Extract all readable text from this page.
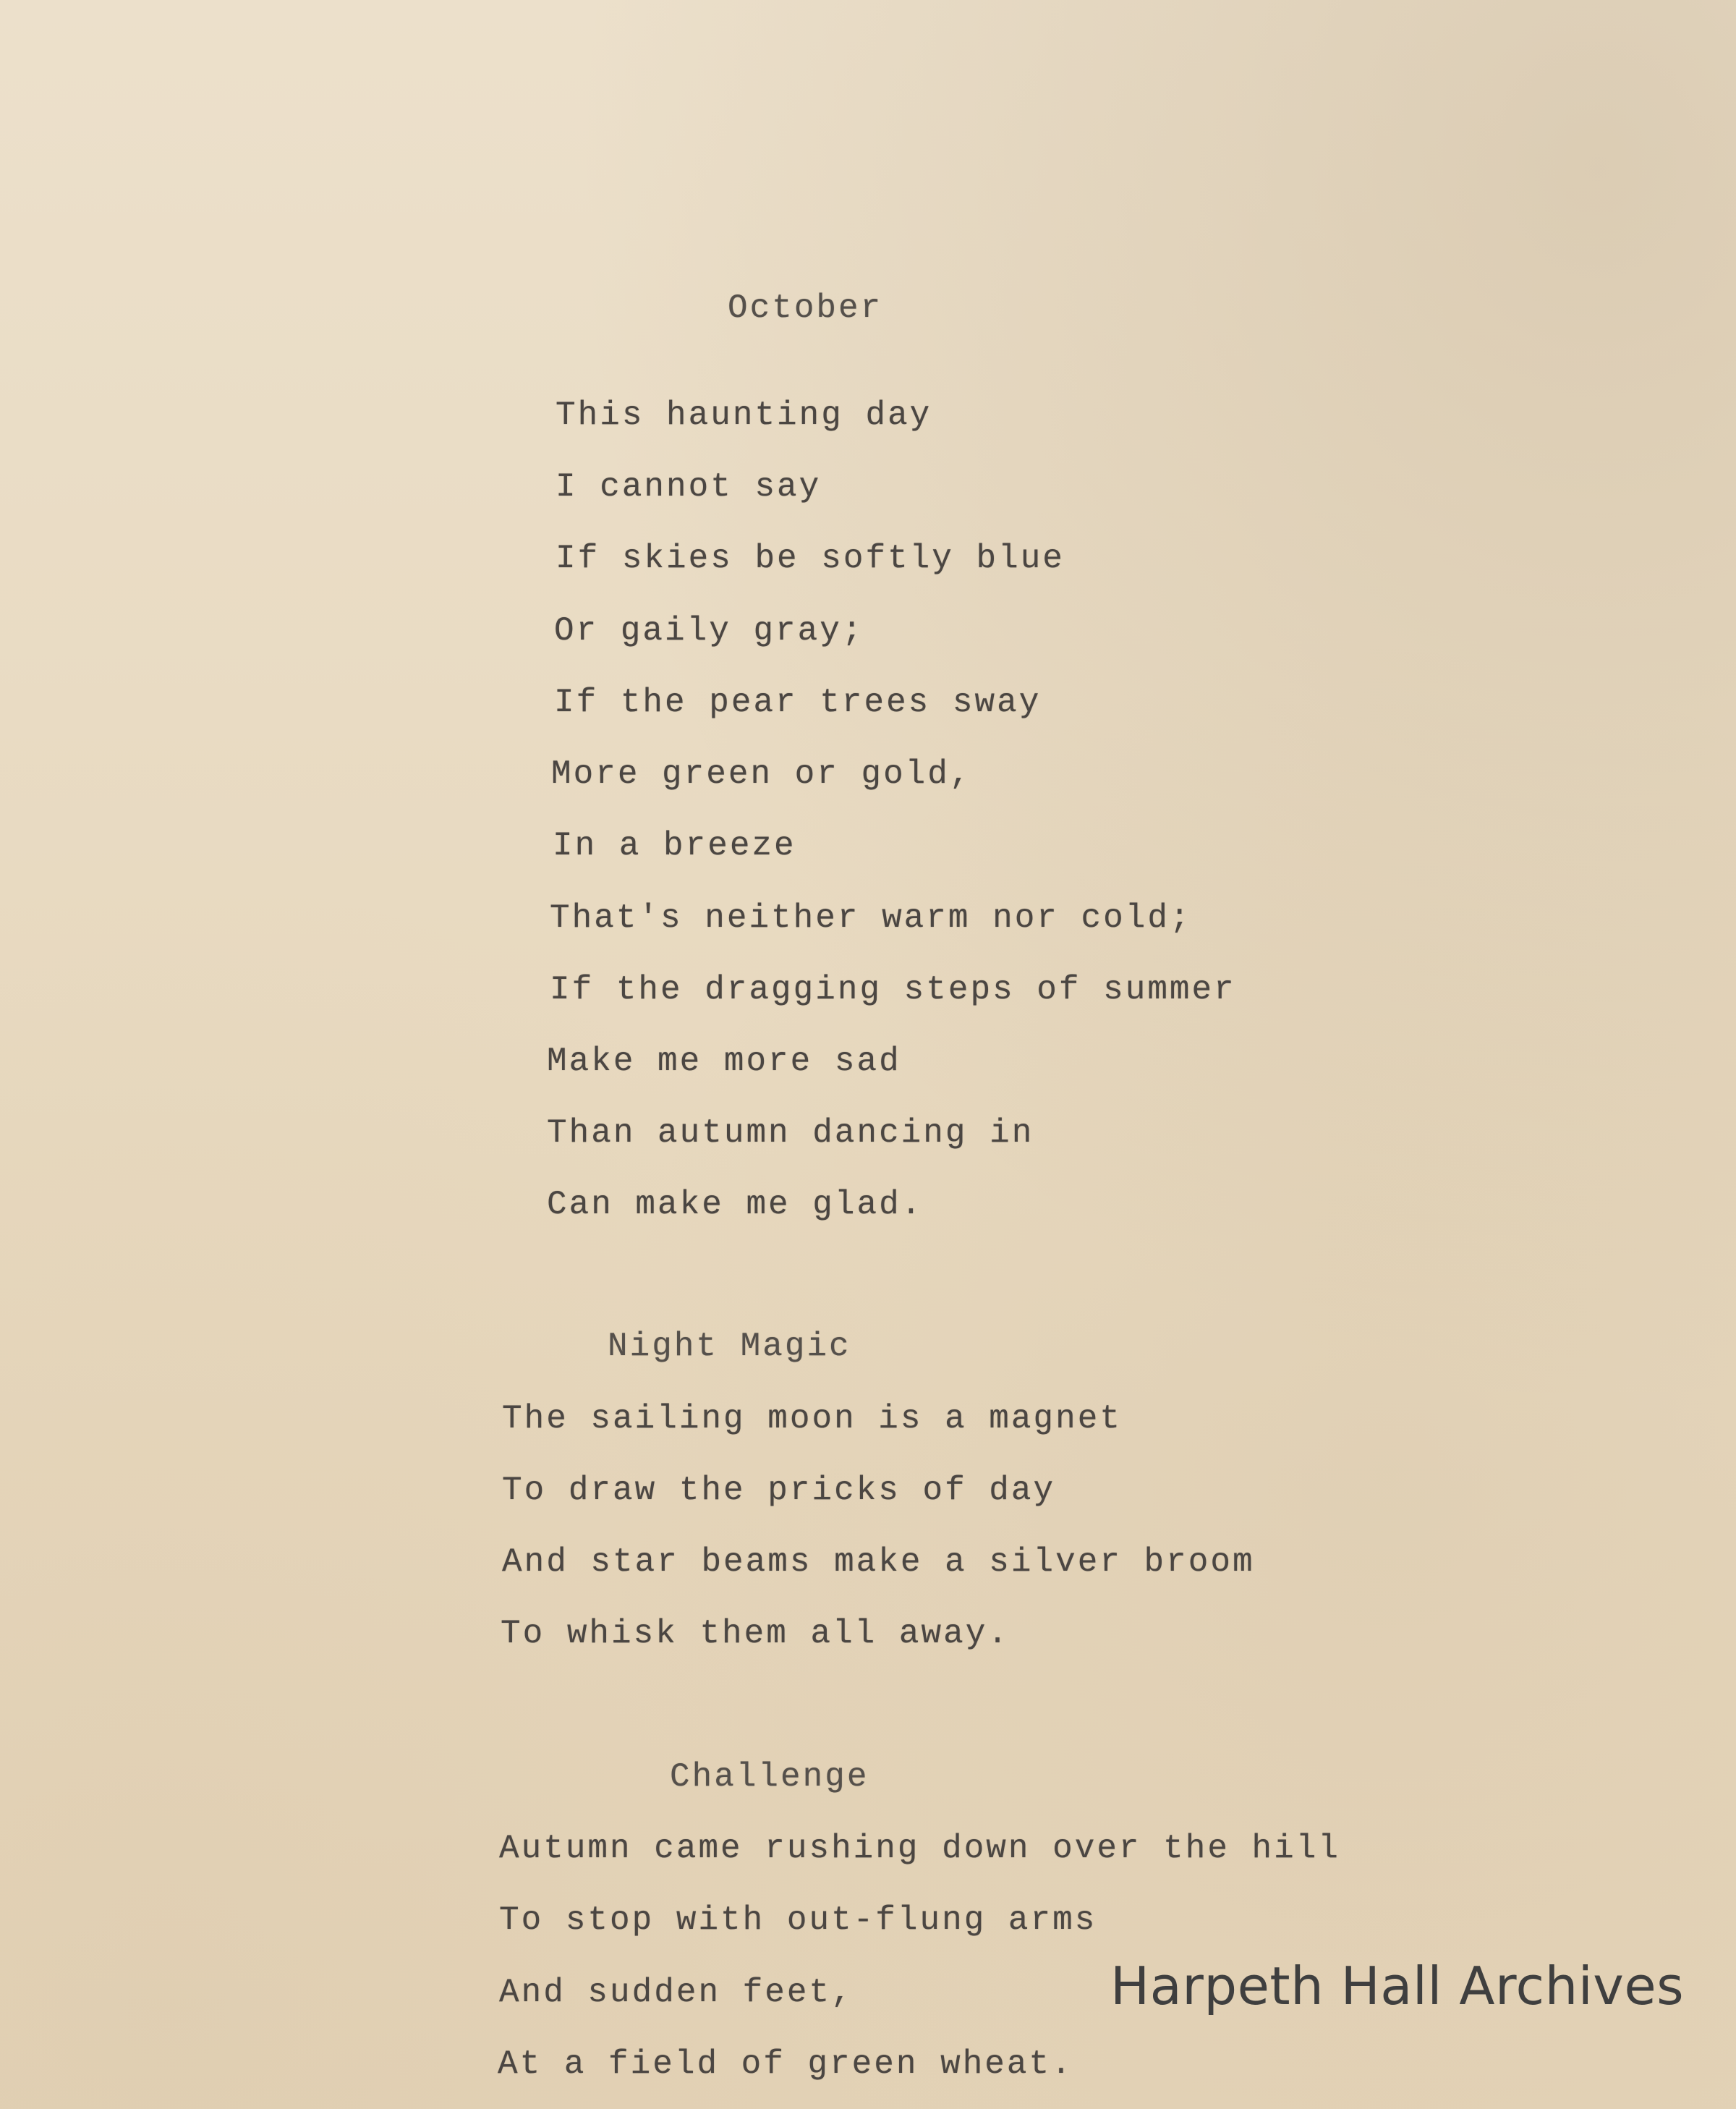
October

This haunting day

I cannot say

If skies be softly blue

Or gaily gray;

If the pear trees sway

More green or gold,

In a breeze

That's neither warm nor cold;

If the dragging steps of summer

Make me more sad

Than autumn dancing in

Can make me glad.

Night Magic

The sailing moon is a magnet

To draw the pricks of day

And star beams make a silver broom

To whisk them all away.

Challenge

Autumn came rushing down over the hill

To stop with out-flung arms

And sudden feet,

At a field of green wheat.

Harpeth Hall Archives
